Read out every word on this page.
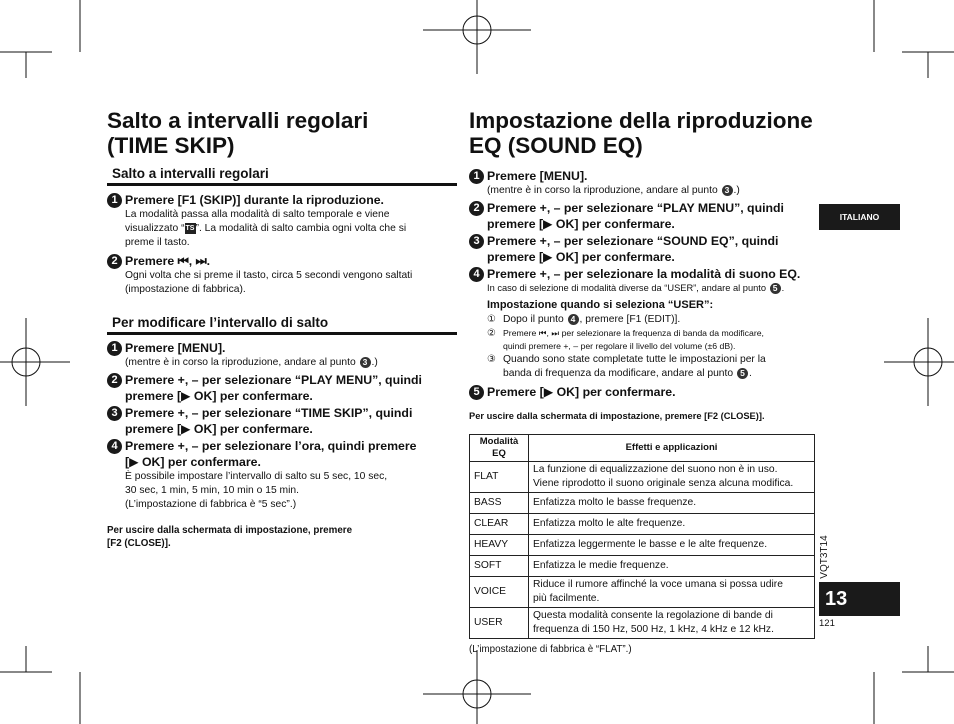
Salto a intervalli regolari
(TIME SKIP)
Salto a intervalli regolari
1 Premere [F1 (SKIP)] durante la riproduzione.
La modalità passa alla modalità di salto temporale e viene
visualizzato “TS”. La modalità di salto cambia ogni volta che si
preme il tasto.
2 Premere ⏮, ⏭.
Ogni volta che si preme il tasto, circa 5 secondi vengono saltati
(impostazione di fabbrica).
Per modificare l’intervallo di salto
1 Premere [MENU].
(mentre è in corso la riproduzione, andare al punto 3 .)
2 Premere +, – per selezionare “PLAY MENU”, quindi
premere [▶ OK] per confermare.
3 Premere +, – per selezionare “TIME SKIP”, quindi
premere [▶ OK] per confermare.
4 Premere +, – per selezionare l’ora, quindi premere
[▶ OK] per confermare.
È possibile impostare l’intervallo di salto su 5 sec, 10 sec,
30 sec, 1 min, 5 min, 10 min o 15 min.
(L’impostazione di fabbrica è “5 sec”.)
Per uscire dalla schermata di impostazione, premere
[F2 (CLOSE)].
Impostazione della riproduzione
EQ (SOUND EQ)
1 Premere [MENU].
(mentre è in corso la riproduzione, andare al punto 3 .)
2 Premere +, – per selezionare “PLAY MENU”, quindi
premere [▶ OK] per confermare.
3 Premere +, – per selezionare “SOUND EQ”, quindi
premere [▶ OK] per confermare.
4 Premere +, – per selezionare la modalità di suono EQ.
In caso di selezione di modalità diverse da “USER”, andare al punto 5 .
Impostazione quando si seleziona “USER”:
① Dopo il punto 4 , premere [F1 (EDIT)].
② Premere ⏮, ⏭ per selezionare la frequenza di banda da modificare,
quindi premere +, – per regolare il livello del volume (±6 dB).
③ Quando sono state completate tutte le impostazioni per la
banda di frequenza da modificare, andare al punto 5 .
5 Premere [▶ OK] per confermare.
Per uscire dalla schermata di impostazione, premere [F2 (CLOSE)].
Modalità EQ	Effetti e applicazioni
FLAT	La funzione di equalizzazione del suono non è in uso.
Viene riprodotto il suono originale senza alcuna modifica.

BASS	Enfatizza molto le basse frequenze.
CLEAR	Enfatizza molto le alte frequenze.
HEAVY	Enfatizza leggermente le basse e le alte frequenze.
SOFT	Enfatizza le medie frequenze.
VOICE	Riduce il rumore affinché la voce umana si possa udire
più facilmente.

USER	Questa modalità consente la regolazione di bande di
frequenza di 150 Hz, 500 Hz, 1 kHz, 4 kHz e 12 kHz.
(L’impostazione di fabbrica è “FLAT”.)
ITALIANO
VQT3T14
13
121
